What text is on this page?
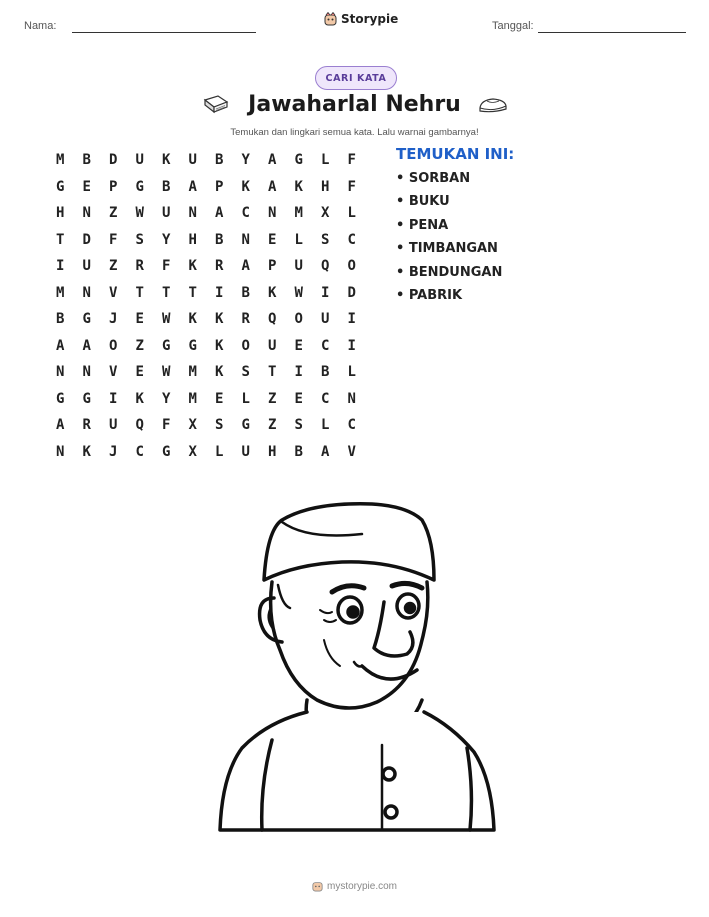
Nama:	Storypie	Tanggal:
CARI KATA
Jawaharlal Nehru
Temukan dan lingkari semua kata. Lalu warnai gambarnya!
M	B	D	U	K	U	B	Y	A	G	L	F
G	E	P	G	B	A	P	K	A	K	H	F
H	N	Z	W	U	N	A	C	N	M	X	L
T	D	F	S	Y	H	B	N	E	L	S	C
I	U	Z	R	F	K	R	A	P	U	Q	O
M	N	V	T	T	T	I	B	K	W	I	D
B	G	J	E	W	K	K	R	Q	O	U	I
A	A	O	Z	G	G	K	O	U	E	C	I
N	N	V	E	W	M	K	S	T	I	B	L
G	G	I	K	Y	M	E	L	Z	E	C	N
A	R	U	Q	F	X	S	G	Z	S	L	C
N	K	J	C	G	X	L	U	H	B	A	V
TEMUKAN INI:
• SORBAN
• BUKU
• PENA
• TIMBANGAN
• BENDUNGAN
• PABRIK
mystorypie.com
